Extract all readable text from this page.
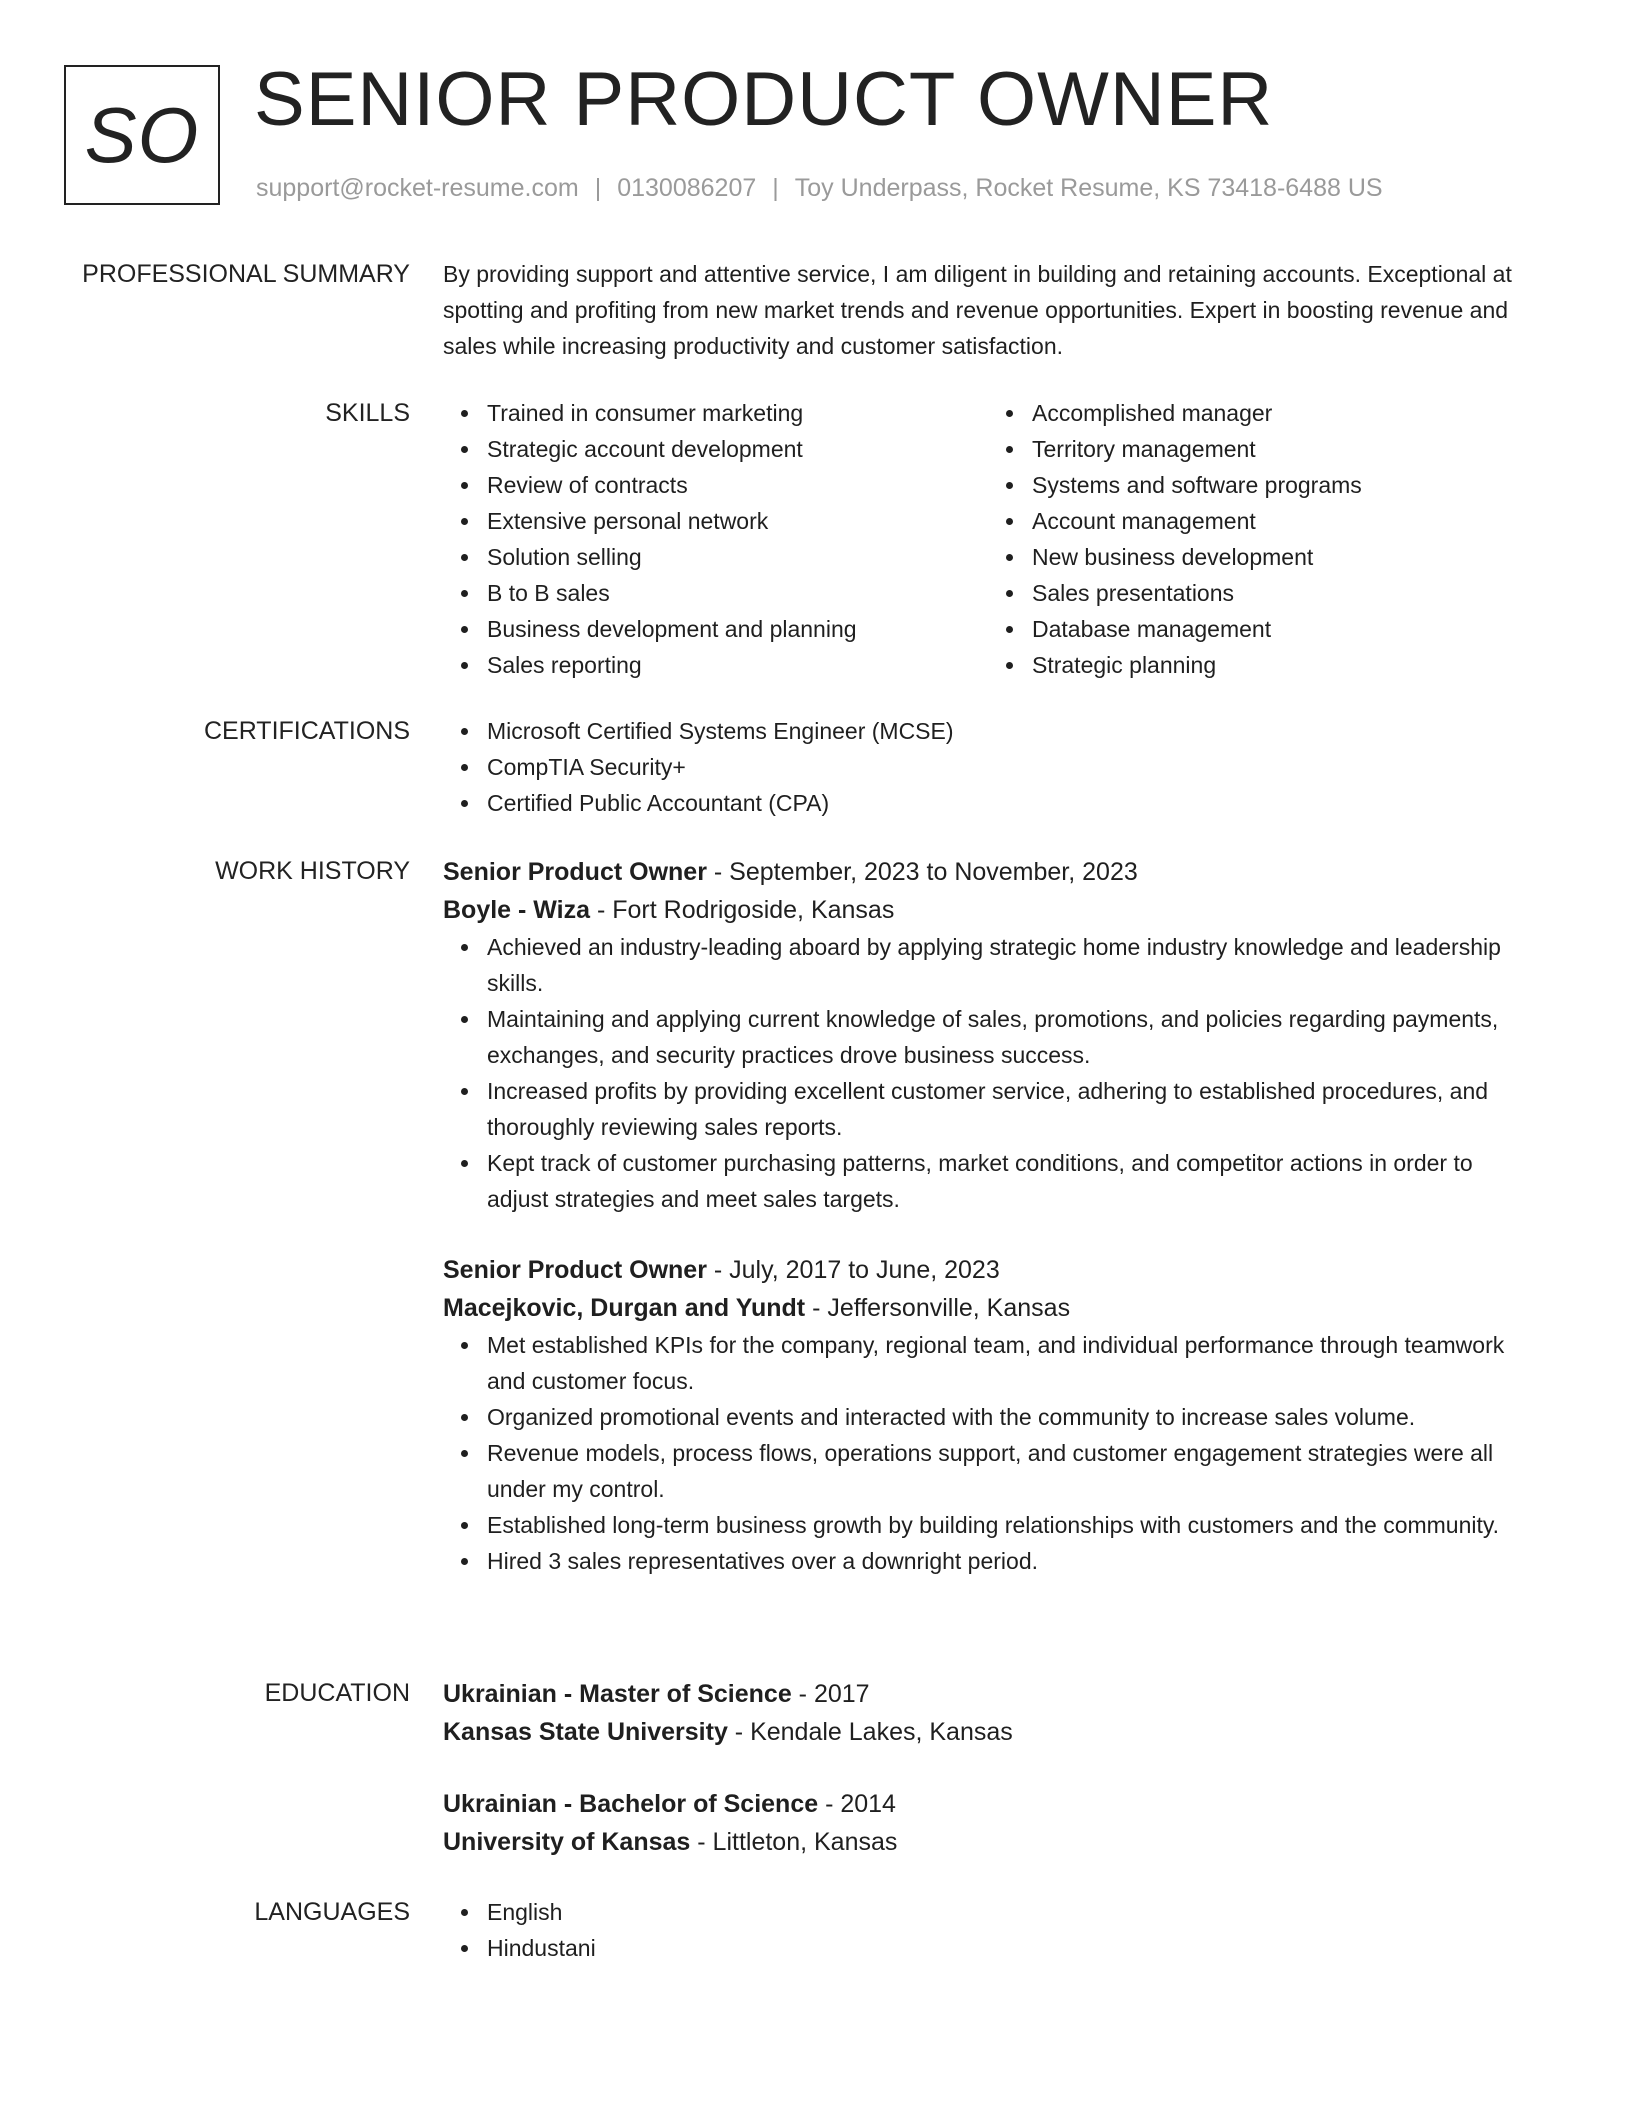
SO SENIOR PRODUCT OWNER
support@rocket-resume.com | 0130086207 | Toy Underpass, Rocket Resume, KS 73418-6488 US
PROFESSIONAL SUMMARY By providing support and attentive service, I am diligent in building and retaining accounts. Exceptional at spotting and profiting from new market trends and revenue opportunities. Expert in boosting revenue and sales while increasing productivity and customer satisfaction.
SKILLS	Trained in consumer marketing
Strategic account development
Review of contracts
Extensive personal network
Solution selling
B to B sales
Business development and planning
Sales reporting
Accomplished manager
Territory management
Systems and software programs
Account management
New business development
Sales presentations
Database management
Strategic planning
CERTIFICATIONS	Microsoft Certified Systems Engineer (MCSE)
CompTIA Security+
Certified Public Accountant (CPA)
WORK HISTORY Senior Product Owner - September, 2023 to November, 2023
Boyle - Wiza - Fort Rodrigoside, Kansas
Achieved an industry-leading aboard by applying strategic home industry knowledge and leadership skills.
Maintaining and applying current knowledge of sales, promotions, and policies regarding payments, exchanges, and security practices drove business success.
Increased profits by providing excellent customer service, adhering to established procedures, and thoroughly reviewing sales reports.
Kept track of customer purchasing patterns, market conditions, and competitor actions in order to adjust strategies and meet sales targets.
Senior Product Owner - July, 2017 to June, 2023
Macejkovic, Durgan and Yundt - Jeffersonville, Kansas
Met established KPIs for the company, regional team, and individual performance through teamwork and customer focus.
Organized promotional events and interacted with the community to increase sales volume.
Revenue models, process flows, operations support, and customer engagement strategies were all under my control.
Established long-term business growth by building relationships with customers and the community.
Hired 3 sales representatives over a downright period.
EDUCATION Ukrainian - Master of Science - 2017
Kansas State University - Kendale Lakes, Kansas
Ukrainian - Bachelor of Science - 2014
University of Kansas - Littleton, Kansas
LANGUAGES	English
Hindustani
